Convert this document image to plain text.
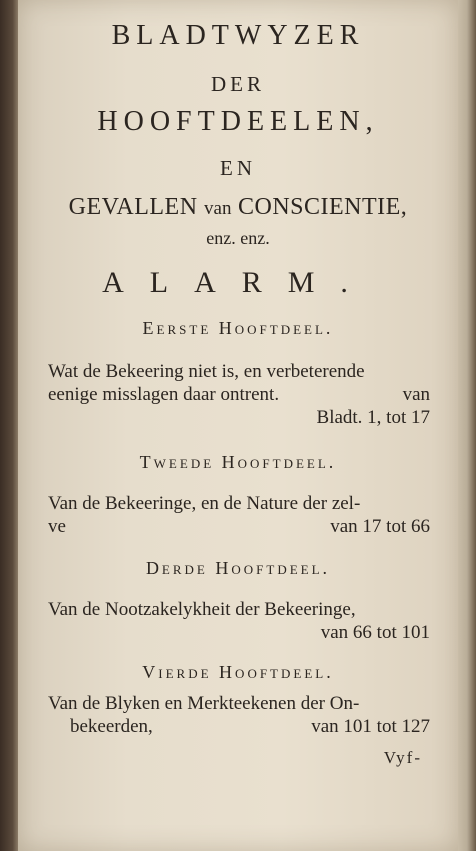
BLADTWYZER
DER
HOOFTDEELEN,
EN
GEVALLEN van CONSCIENTIE,
enz. enz.
ALARM.
Eerste Hooftdeel.
Wat de Bekeering niet is, en verbeterende
eenige misslagen daar ontrent.	van
Bladt. 1, tot 17
Tweede Hooftdeel.
Van de Bekeeringe, en de Nature der zel-
ve	van 17 tot 66
Derde Hooftdeel.
Van de Nootzakelykheit der Bekeeringe,
van 66 tot 101
Vierde Hooftdeel.
Van de Blyken en Merkteekenen der On-
bekeerden,	van 101 tot 127
Vyf-
